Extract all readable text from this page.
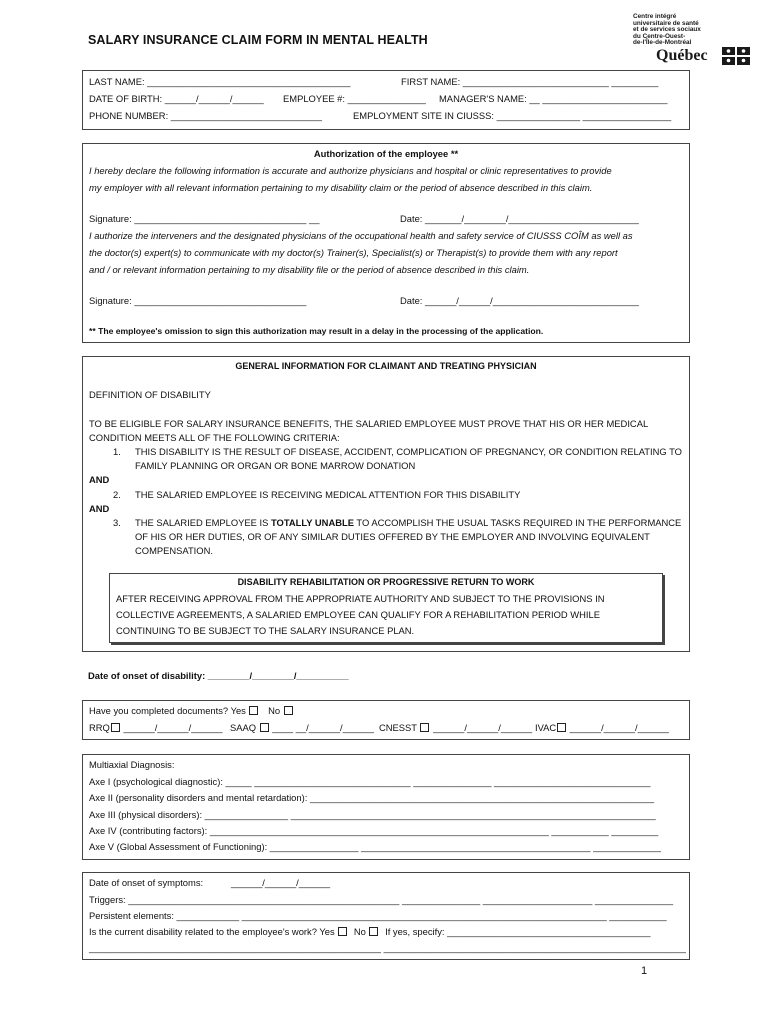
SALARY INSURANCE CLAIM FORM IN MENTAL HEALTH
Centre intégré
universitaire de santé
et de services sociaux
du Centre-Ouest-
de-l'Île-de-Montréal
Québec
LAST NAME: _______________________________________	FIRST NAME: ____________________________ _________
DATE OF BIRTH: ______/______/______ EMPLOYEE #: _______________ MANAGER'S NAME: __ ________________________
PHONE NUMBER: _____________________________	EMPLOYMENT SITE IN CIUSSS: ________________ _________________
Authorization of the employee **
I hereby declare the following information is accurate and authorize physicians and hospital or clinic representatives to provide
my employer with all relevant information pertaining to my disability claim or the period of absence described in this claim.
Signature: _________________________________ __	Date: _______/________/_________________________
I authorize the interveners and the designated physicians of the occupational health and safety service of CIUSSS COÎM as well as
the doctor(s) expert(s) to communicate with my doctor(s) Trainer(s), Specialist(s) or Therapist(s) to provide them with any report
and / or relevant information pertaining to my disability file or the period of absence described in this claim.
Signature: _________________________________	Date: ______/______/____________________________
** The employee's omission to sign this authorization may result in a delay in the processing of the application.
GENERAL INFORMATION FOR CLAIMANT AND TREATING PHYSICIAN
DEFINITION OF DISABILITY
TO BE ELIGIBLE FOR SALARY INSURANCE BENEFITS, THE SALARIED EMPLOYEE MUST PROVE THAT HIS OR HER MEDICAL
CONDITION MEETS ALL OF THE FOLLOWING CRITERIA:
1. THIS DISABILITY IS THE RESULT OF DISEASE, ACCIDENT, COMPLICATION OF PREGNANCY, OR CONDITION RELATING TO
FAMILY PLANNING OR ORGAN OR BONE MARROW DONATION
AND
2. THE SALARIED EMPLOYEE IS RECEIVING MEDICAL ATTENTION FOR THIS DISABILITY
AND
3. THE SALARIED EMPLOYEE IS TOTALLY UNABLE TO ACCOMPLISH THE USUAL TASKS REQUIRED IN THE PERFORMANCE
OF HIS OR HER DUTIES, OR OF ANY SIMILAR DUTIES OFFERED BY THE EMPLOYER AND INVOLVING EQUIVALENT
COMPENSATION.
DISABILITY REHABILITATION OR PROGRESSIVE RETURN TO WORK
AFTER RECEIVING APPROVAL FROM THE APPROPRIATE AUTHORITY AND SUBJECT TO THE PROVISIONS IN
COLLECTIVE AGREEMENTS, A SALARIED EMPLOYEE CAN QUALIFY FOR A REHABILITATION PERIOD WHILE
CONTINUING TO BE SUBJECT TO THE SALARY INSURANCE PLAN.
Date of onset of disability: ________/________/__________
Have you completed documents? Yes No
RRQ ______/______/______ SAAQ ____ __/______/______ CNESST ______/______/______ IVAC ______/______/______
Multiaxial Diagnosis:
Axe I (psychological diagnostic): _____ ______________________________ _______________ ______________________________
Axe II (personality disorders and mental retardation): __________________________________________________________________
Axe III (physical disorders): ________________ ______________________________________________________________________
Axe IV (contributing factors): _________________________________________________________________ ___________ _________
Axe V (Global Assessment of Functioning): _________________ ____________________________________________ _____________
Date of onset of symptoms:	______/______/______
Triggers: ____________________________________________________ _______________ _____________________ _______________
Persistent elements: ____________ ______________________________________________________________________ ___________
Is the current disability related to the employee's work? Yes No If yes, specify: _______________________________________
________________________________________________________ __________________________________________________________
1
